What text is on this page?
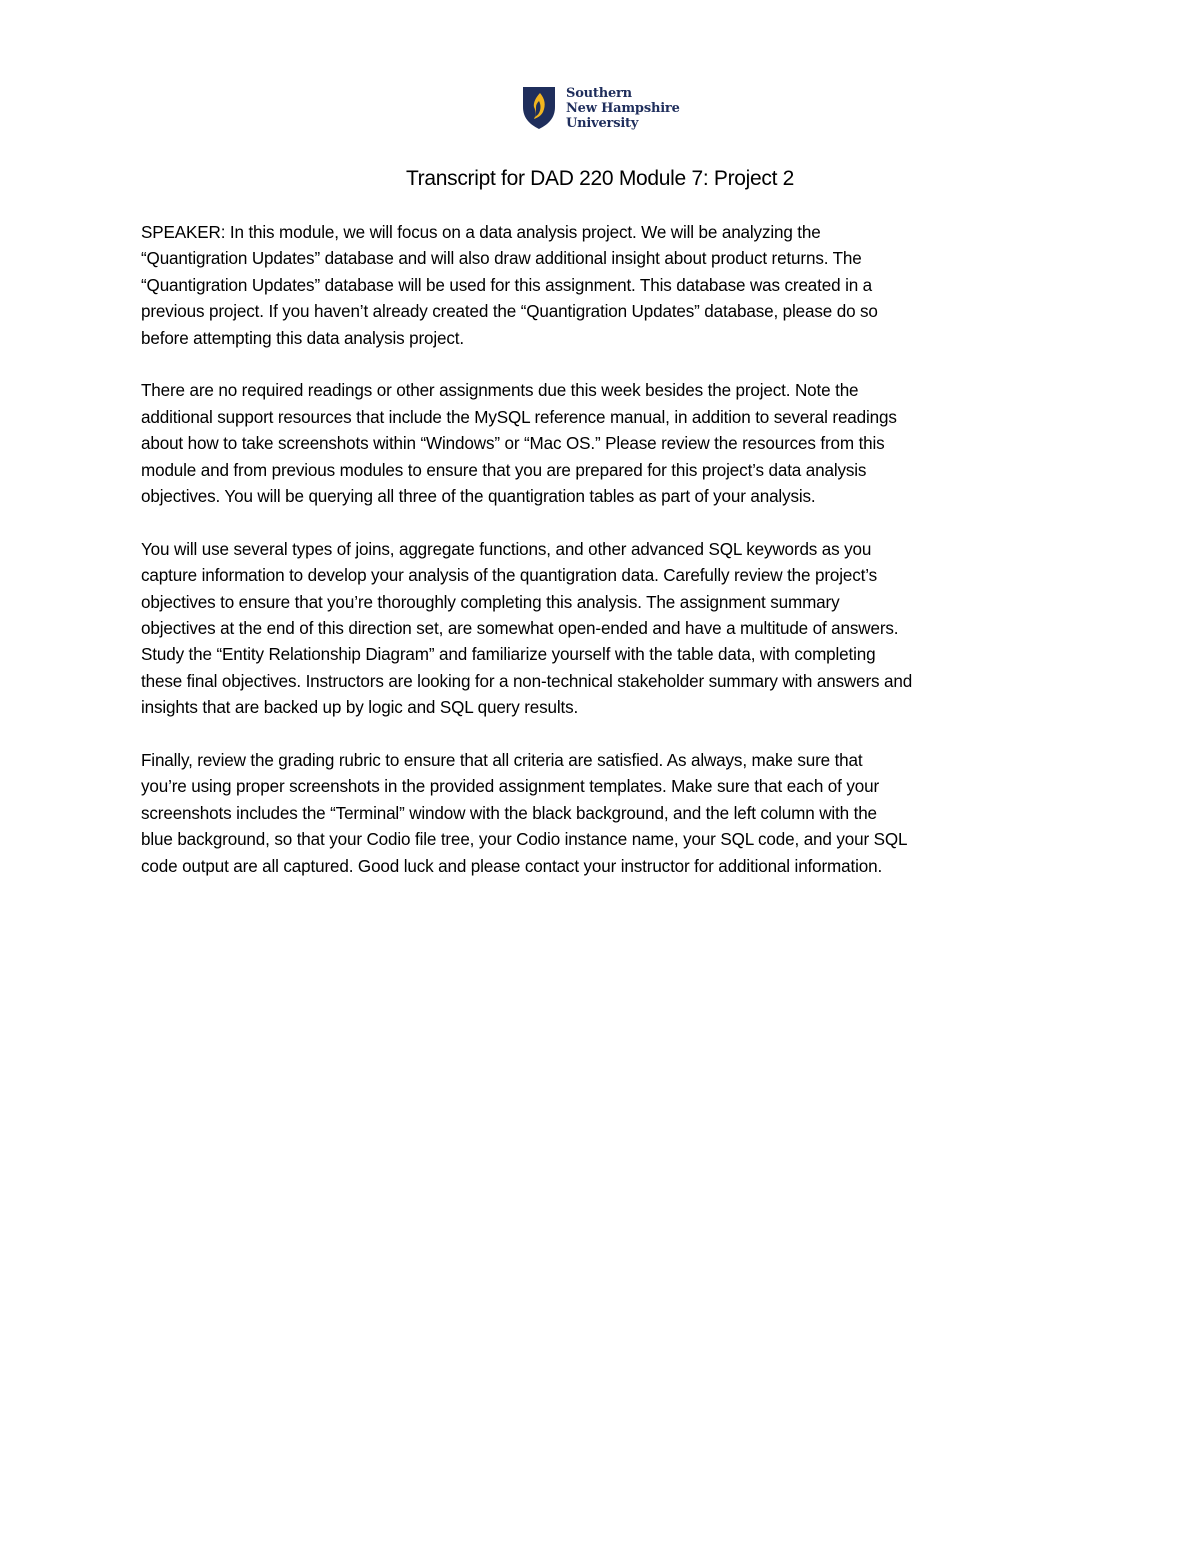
Southern
New Hampshire
University
Transcript for DAD 220 Module 7: Project 2

SPEAKER: In this module, we will focus on a data analysis project. We will be analyzing the
“Quantigration Updates” database and will also draw additional insight about product returns. The
“Quantigration Updates” database will be used for this assignment. This database was created in a
previous project. If you haven’t already created the “Quantigration Updates” database, please do so
before attempting this data analysis project.

There are no required readings or other assignments due this week besides the project. Note the
additional support resources that include the MySQL reference manual, in addition to several readings
about how to take screenshots within “Windows” or “Mac OS.” Please review the resources from this
module and from previous modules to ensure that you are prepared for this project’s data analysis
objectives. You will be querying all three of the quantigration tables as part of your analysis.

You will use several types of joins, aggregate functions, and other advanced SQL keywords as you
capture information to develop your analysis of the quantigration data. Carefully review the project’s
objectives to ensure that you’re thoroughly completing this analysis. The assignment summary
objectives at the end of this direction set, are somewhat open-ended and have a multitude of answers.
Study the “Entity Relationship Diagram” and familiarize yourself with the table data, with completing
these final objectives. Instructors are looking for a non-technical stakeholder summary with answers and
insights that are backed up by logic and SQL query results.

Finally, review the grading rubric to ensure that all criteria are satisfied. As always, make sure that
you’re using proper screenshots in the provided assignment templates. Make sure that each of your
screenshots includes the “Terminal” window with the black background, and the left column with the
blue background, so that your Codio file tree, your Codio instance name, your SQL code, and your SQL
code output are all captured. Good luck and please contact your instructor for additional information.
